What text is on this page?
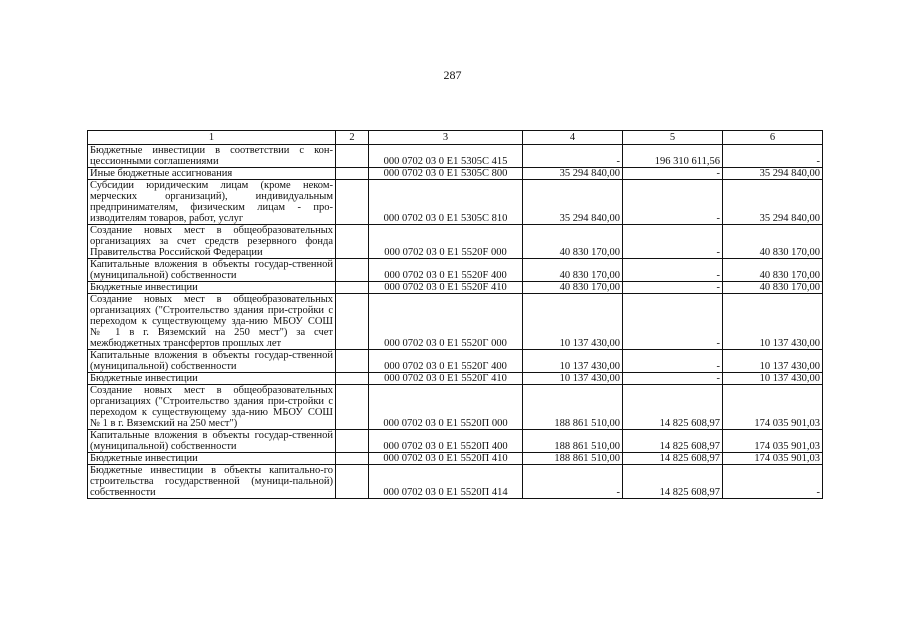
287
1	2	3	4	5	6
Бюджетные инвестиции в соответствии с кон-цессионными соглашениями		000 0702 03 0 E1 5305C 415	-	196 310 611,56	-
Иные бюджетные ассигнования		000 0702 03 0 E1 5305C 800	35 294 840,00	-	35 294 840,00
Субсидии юридическим лицам (кроме неком-мерческих организаций), индивидуальным предпринимателям, физическим лицам - про-изводителям товаров, работ, услуг		000 0702 03 0 E1 5305C 810	35 294 840,00	-	35 294 840,00
Создание новых мест в общеобразовательных организациях за счет средств резервного фонда Правительства Российской Федерации		000 0702 03 0 E1 5520F 000	40 830 170,00	-	40 830 170,00
Капитальные вложения в объекты государ-ственной (муниципальной) собственности		000 0702 03 0 E1 5520F 400	40 830 170,00	-	40 830 170,00
Бюджетные инвестиции		000 0702 03 0 E1 5520F 410	40 830 170,00	-	40 830 170,00
Создание новых мест в общеобразовательных организациях ("Строительство здания при-стройки с переходом к существующему зда-нию МБОУ СОШ № 1 в г. Вяземский на 250 мест") за счет межбюджетных трансфертов прошлых лет		000 0702 03 0 E1 5520Г 000	10 137 430,00	-	10 137 430,00
Капитальные вложения в объекты государ-ственной (муниципальной) собственности		000 0702 03 0 E1 5520Г 400	10 137 430,00	-	10 137 430,00
Бюджетные инвестиции		000 0702 03 0 E1 5520Г 410	10 137 430,00	-	10 137 430,00
Создание новых мест в общеобразовательных организациях ("Строительство здания при-стройки с переходом к существующему зда-нию МБОУ СОШ № 1 в г. Вяземский на 250 мест")		000 0702 03 0 E1 5520П 000	188 861 510,00	14 825 608,97	174 035 901,03
Капитальные вложения в объекты государ-ственной (муниципальной) собственности		000 0702 03 0 E1 5520П 400	188 861 510,00	14 825 608,97	174 035 901,03
Бюджетные инвестиции		000 0702 03 0 E1 5520П 410	188 861 510,00	14 825 608,97	174 035 901,03
Бюджетные инвестиции в объекты капитально-го строительства государственной (муници-пальной) собственности		000 0702 03 0 E1 5520П 414	-	14 825 608,97	-
